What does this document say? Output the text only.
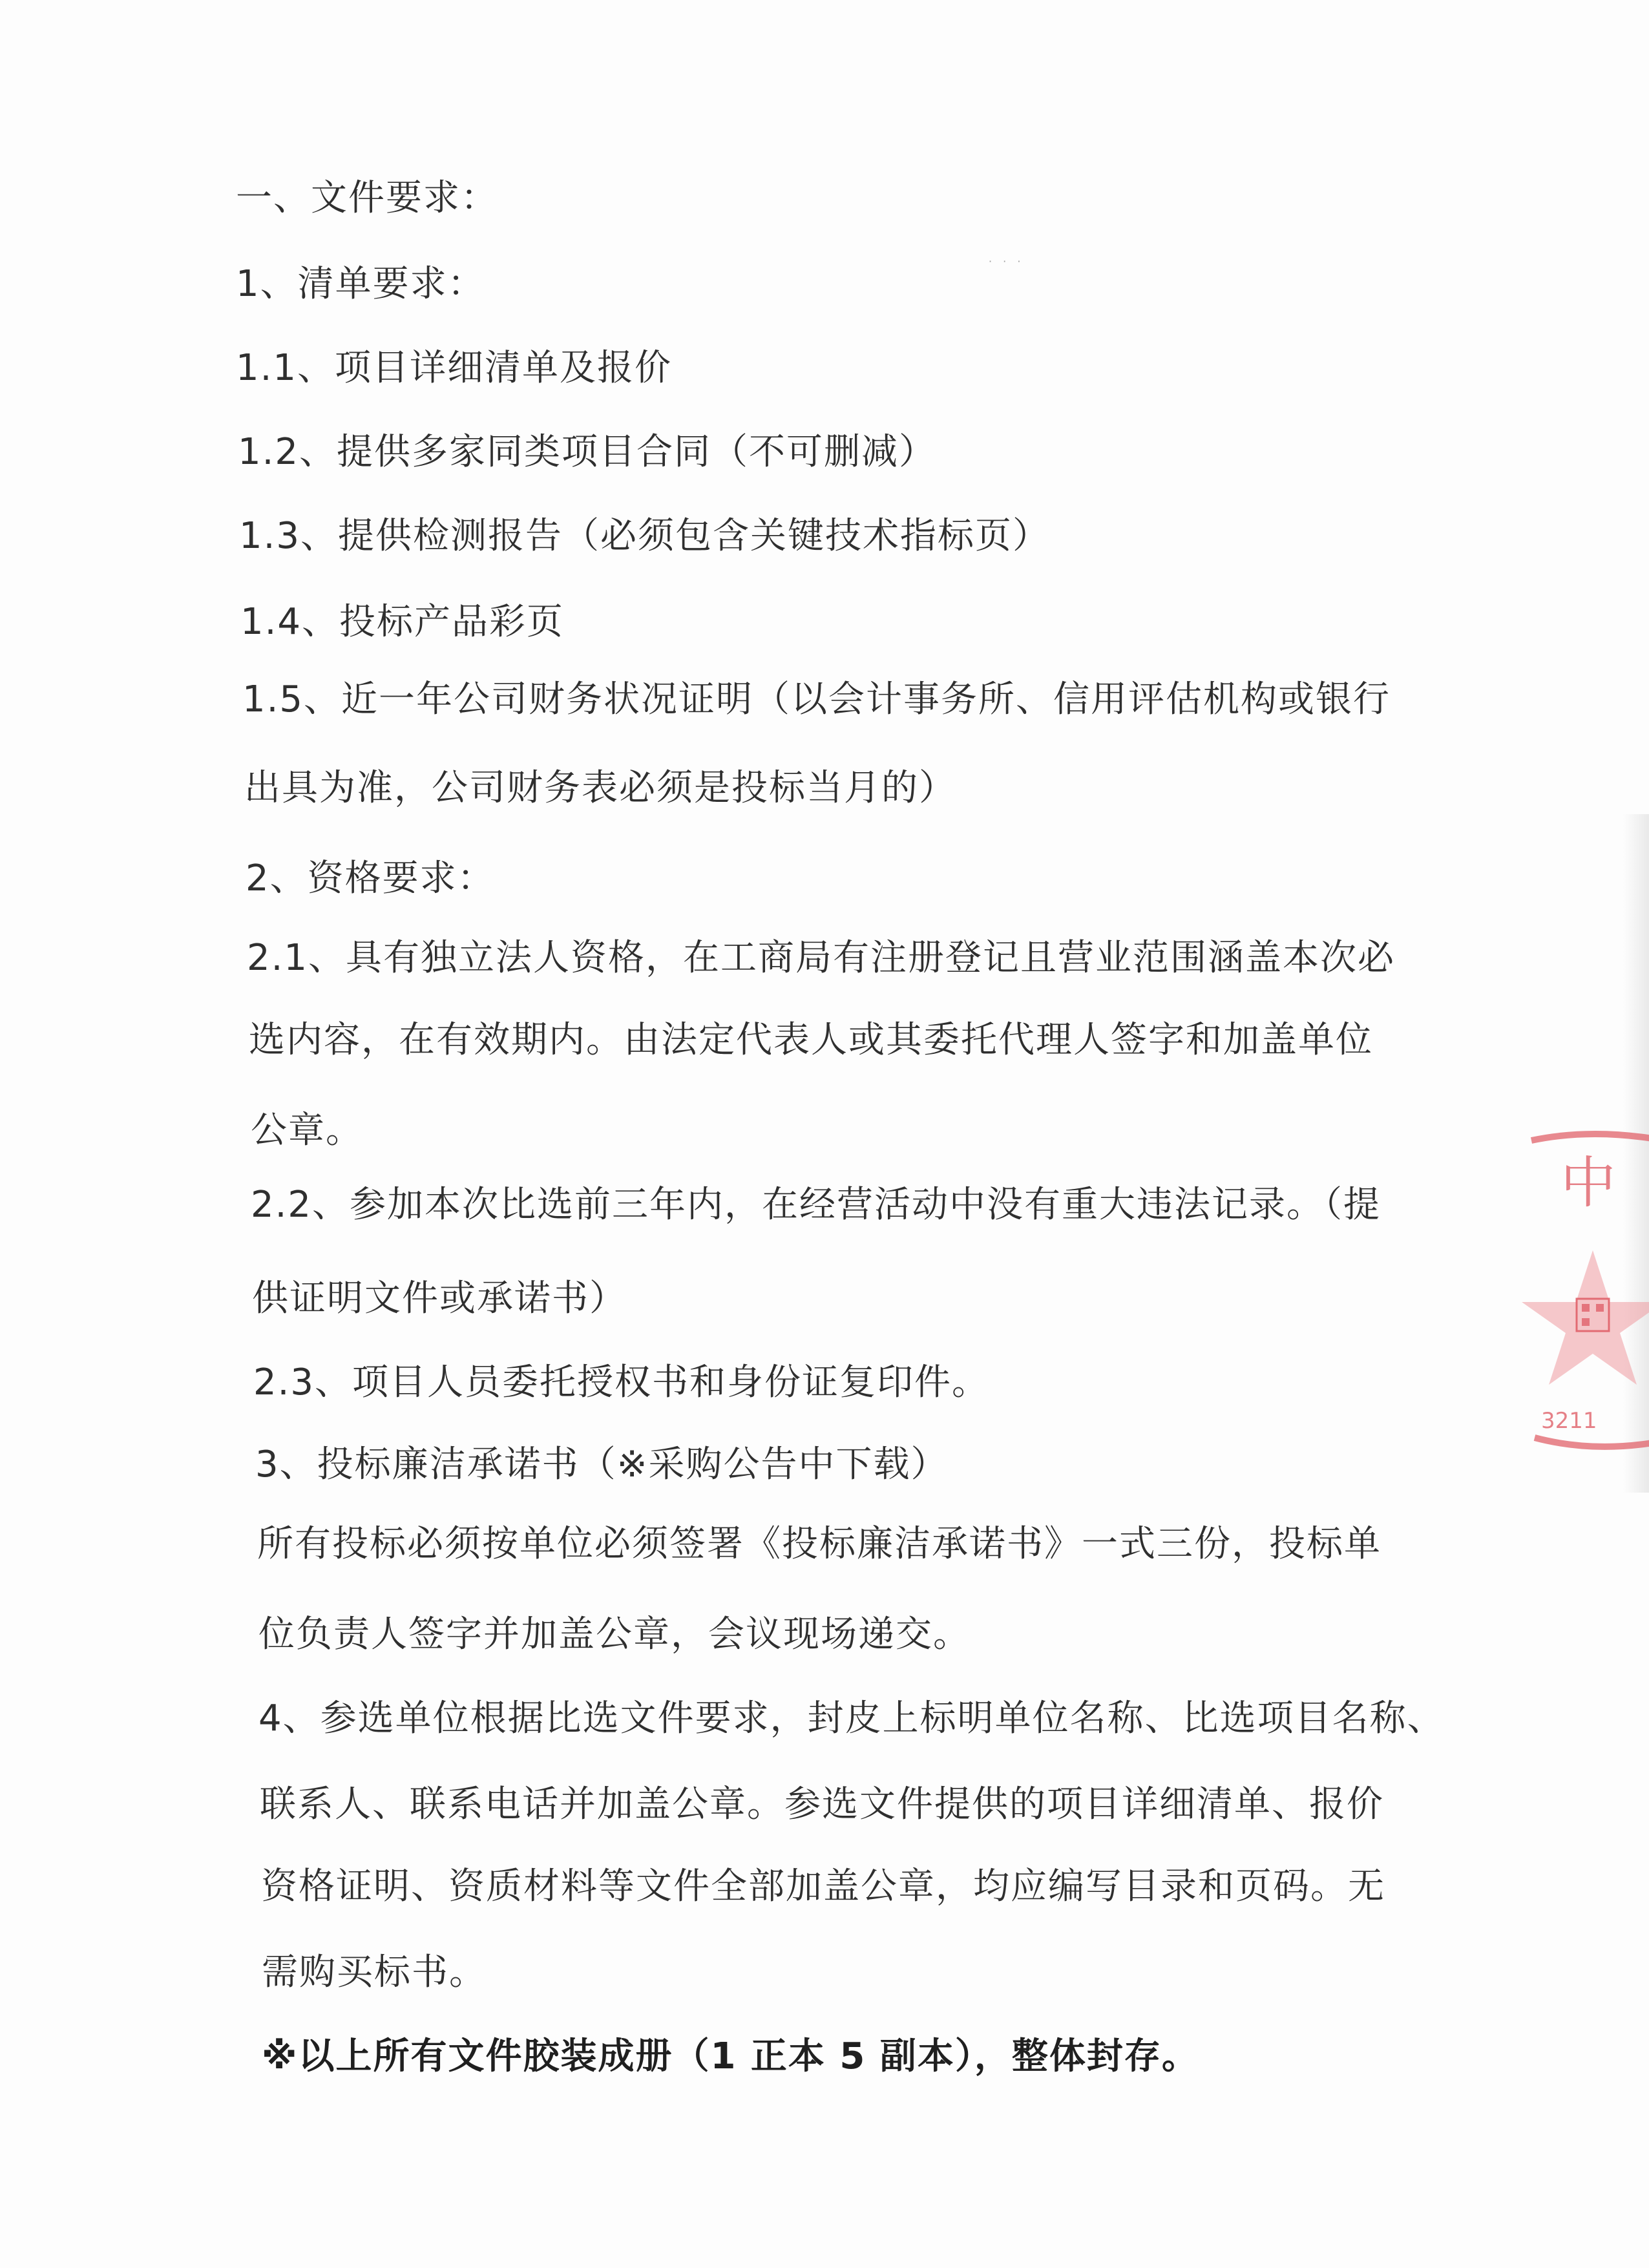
· · ·
一、文件要求：
1、清单要求：
1.1、项目详细清单及报价
1.2、提供多家同类项目合同（不可删减）
1.3、提供检测报告（必须包含关键技术指标页）
1.4、投标产品彩页
1.5、近一年公司财务状况证明（以会计事务所、信用评估机构或银行
出具为准，公司财务表必须是投标当月的）
2、资格要求：
2.1、具有独立法人资格，在工商局有注册登记且营业范围涵盖本次必
选内容，在有效期内。由法定代表人或其委托代理人签字和加盖单位
公章。
2.2、参加本次比选前三年内，在经营活动中没有重大违法记录。（提
供证明文件或承诺书）
2.3、项目人员委托授权书和身份证复印件。
3、投标廉洁承诺书（※采购公告中下载）
所有投标必须按单位必须签署《投标廉洁承诺书》一式三份，投标单
位负责人签字并加盖公章，会议现场递交。
4、参选单位根据比选文件要求，封皮上标明单位名称、比选项目名称、
联系人、联系电话并加盖公章。参选文件提供的项目详细清单、报价
资格证明、资质材料等文件全部加盖公章，均应编写目录和页码。无
需购买标书。
※以上所有文件胶装成册（1 正本 5 副本），整体封存。
中
3211
